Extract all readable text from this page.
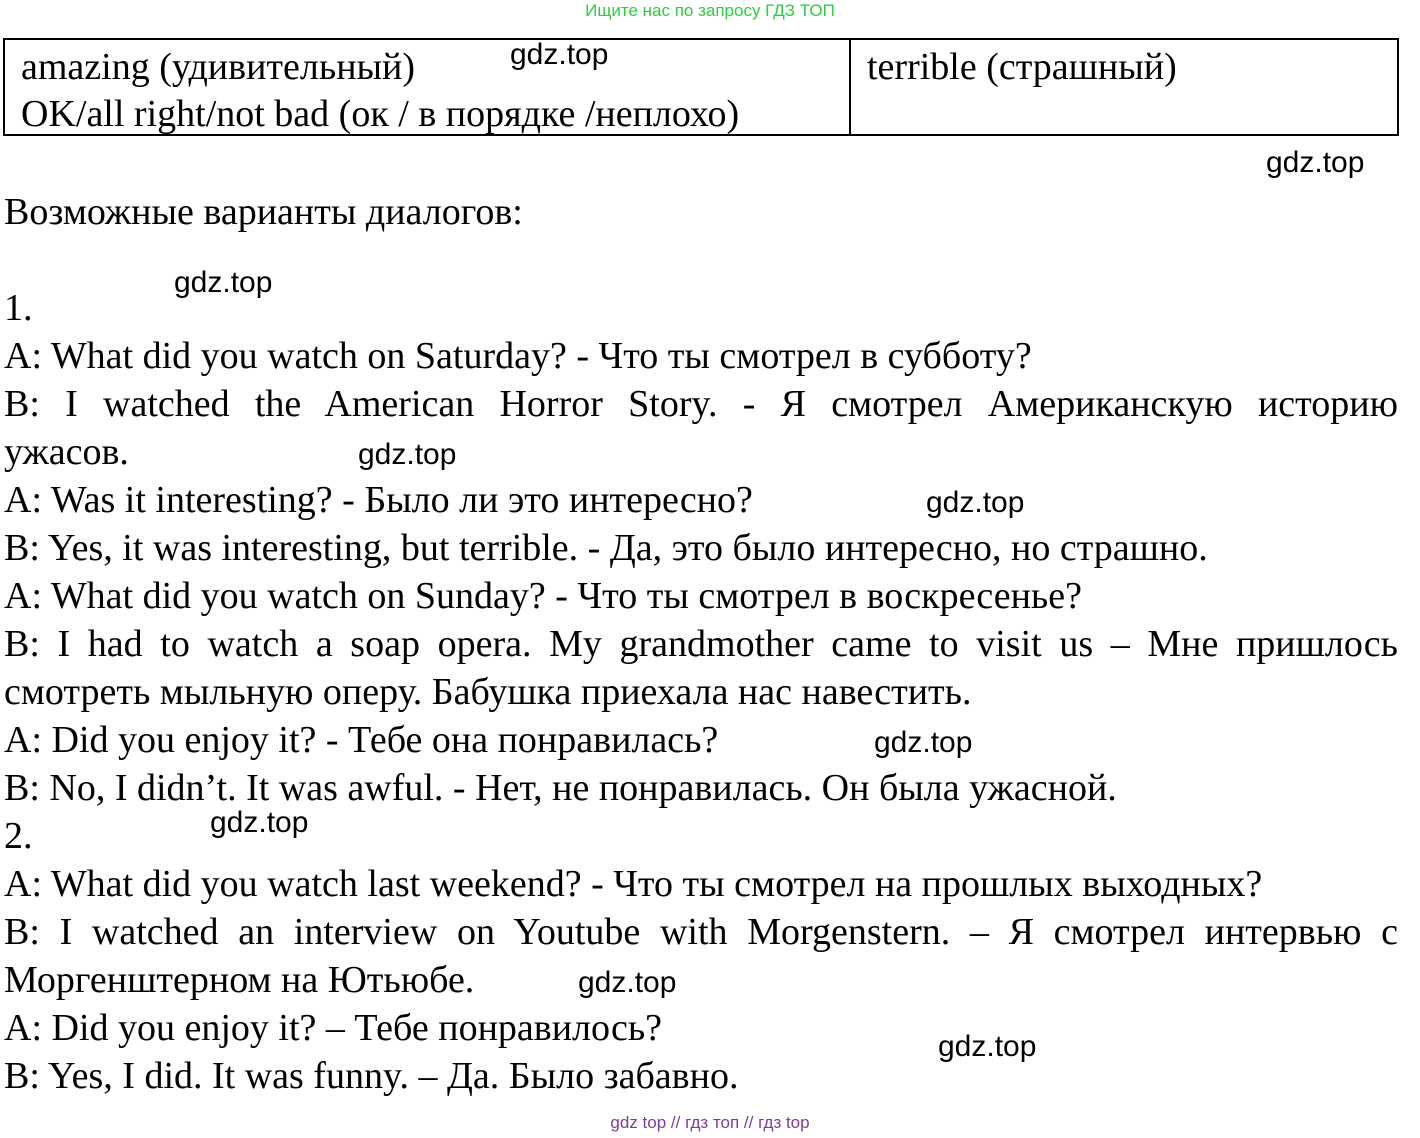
Ищите нас по запросу ГДЗ ТОП
amazing (удивительный)
OK/all right/not bad (ок / в порядке /неплохо)
terrible (страшный)
gdz.top
gdz.top
gdz.top
gdz.top
gdz.top
gdz.top
gdz.top
gdz.top
gdz.top
Возможные варианты диалогов:
1.
A: What did you watch on Saturday? - Что ты смотрел в субботу?
B: I watched the American Horror Story. - Я смотрел Американскую историю
ужасов.
A: Was it interesting? - Было ли это интересно?
B: Yes, it was interesting, but terrible. - Да, это было интересно, но страшно.
A: What did you watch on Sunday? - Что ты смотрел в воскресенье?
B: I had to watch a soap opera. My grandmother came to visit us – Мне пришлось
смотреть мыльную оперу. Бабушка приехала нас навестить.
A: Did you enjoy it? - Тебе она понравилась?
B: No, I didn’t. It was awful. - Нет, не понравилась. Он была ужасной.
2.
A: What did you watch last weekend? - Что ты смотрел на прошлых выходных?
B: I watched an interview on Youtube with Morgenstern. – Я смотрел интервью с
Моргенштерном на Ютьюбе.
A: Did you enjoy it? – Тебе понравилось?
B: Yes, I did. It was funny. – Да. Было забавно.
gdz top // гдз топ // гдз top
